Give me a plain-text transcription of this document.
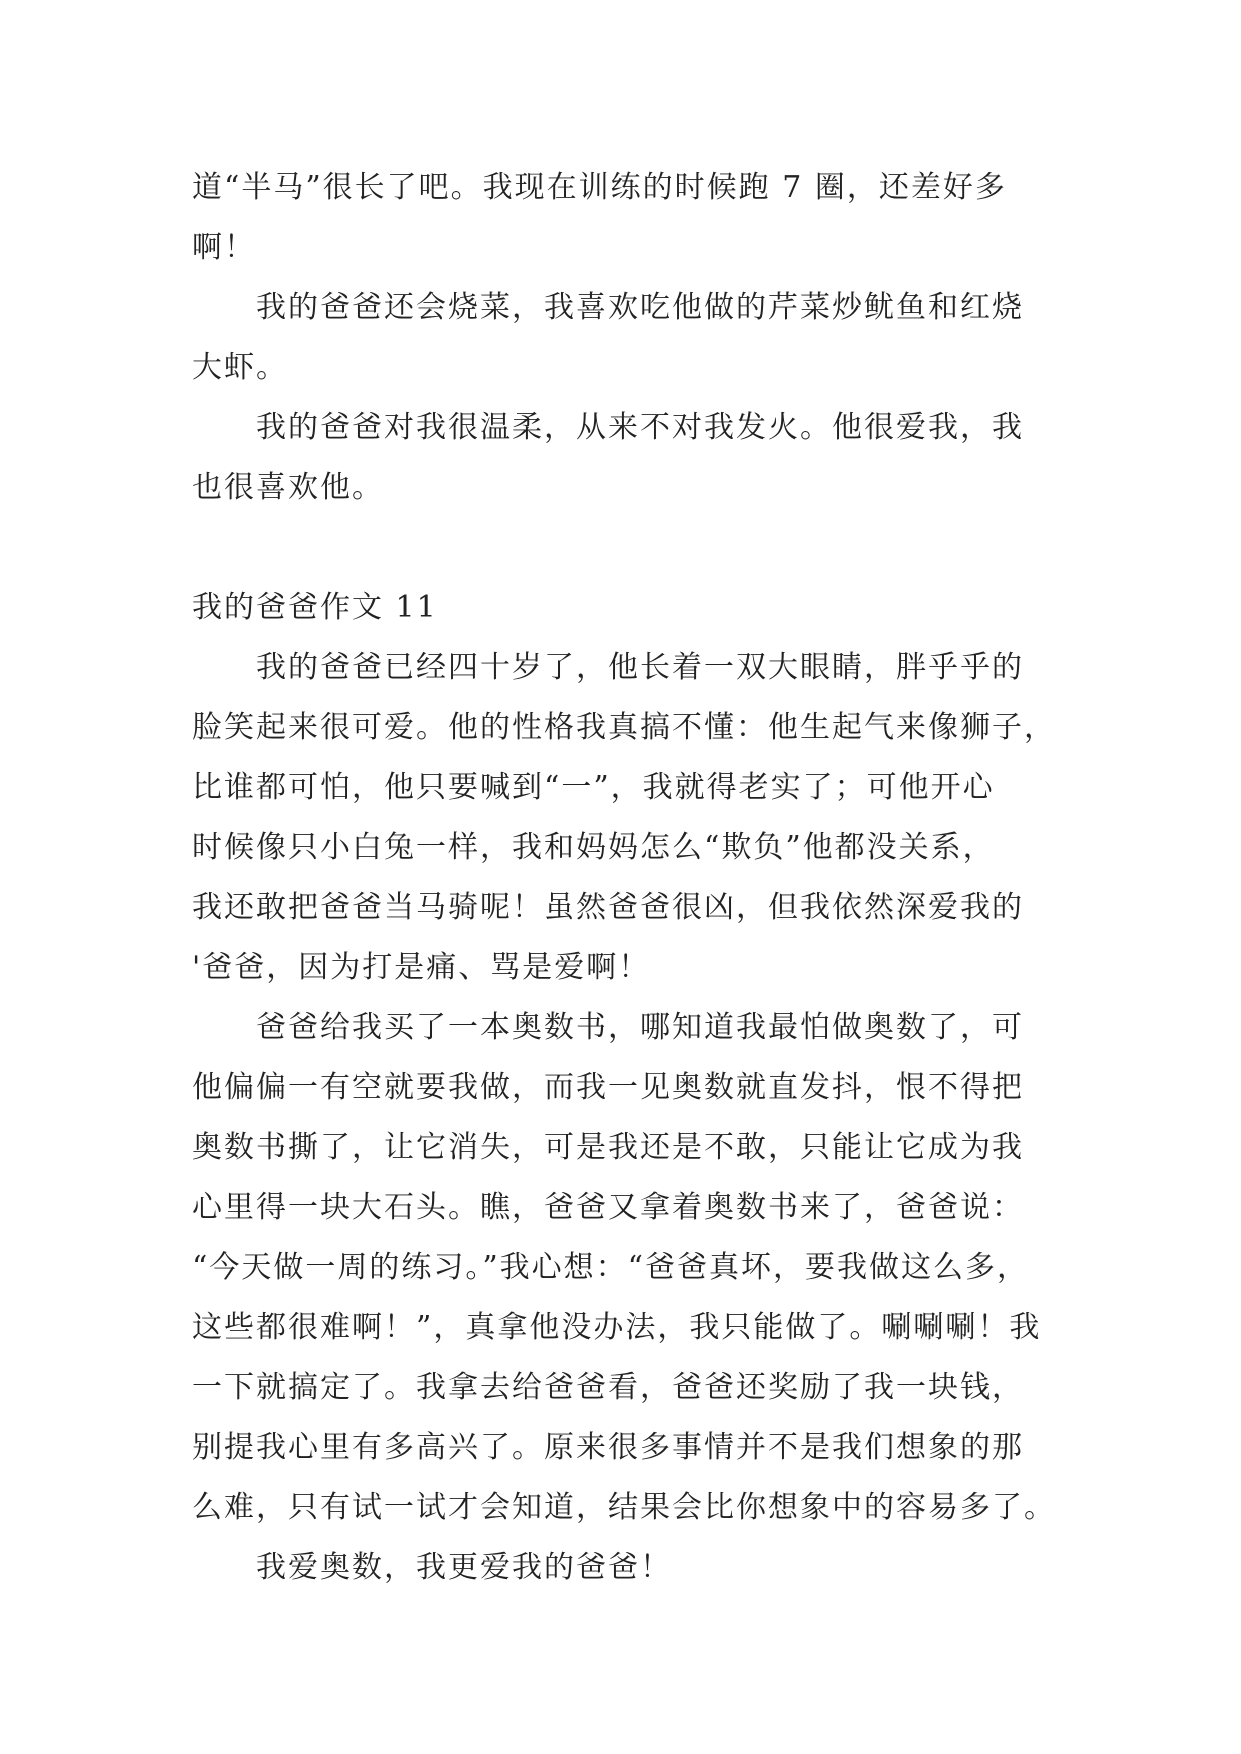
道“半马”很长了吧。我现在训练的时候跑 7 圈，还差好多
啊！
我的爸爸还会烧菜，我喜欢吃他做的芹菜炒鱿鱼和红烧
大虾。
我的爸爸对我很温柔，从来不对我发火。他很爱我，我
也很喜欢他。
我的爸爸作文 11
我的爸爸已经四十岁了，他长着一双大眼睛，胖乎乎的
脸笑起来很可爱。他的性格我真搞不懂：他生起气来像狮子，
比谁都可怕，他只要喊到“一”，我就得老实了；可他开心
时候像只小白兔一样，我和妈妈怎么“欺负”他都没关系，
我还敢把爸爸当马骑呢！虽然爸爸很凶，但我依然深爱我的
'爸爸，因为打是痛、骂是爱啊！
爸爸给我买了一本奥数书，哪知道我最怕做奥数了，可
他偏偏一有空就要我做，而我一见奥数就直发抖，恨不得把
奥数书撕了，让它消失，可是我还是不敢，只能让它成为我
心里得一块大石头。瞧，爸爸又拿着奥数书来了，爸爸说：
“今天做一周的练习。”我心想：“爸爸真坏，要我做这么多，
这些都很难啊！”，真拿他没办法，我只能做了。唰唰唰！我
一下就搞定了。我拿去给爸爸看，爸爸还奖励了我一块钱，
别提我心里有多高兴了。原来很多事情并不是我们想象的那
么难，只有试一试才会知道，结果会比你想象中的容易多了。
我爱奥数，我更爱我的爸爸！
